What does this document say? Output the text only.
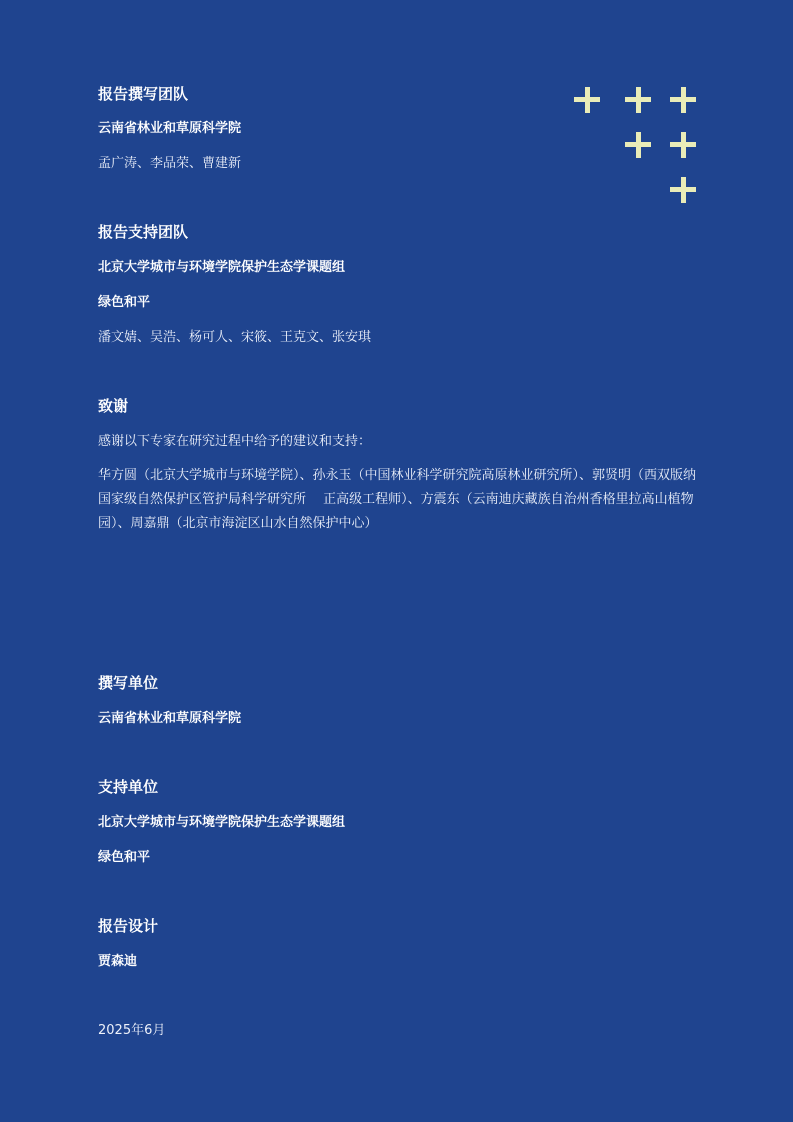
报告撰写团队
云南省林业和草原科学院
孟广涛、李品荣、曹建新
报告支持团队
北京大学城市与环境学院保护生态学课题组
绿色和平
潘文婧、吴浩、杨可人、宋筱、王克文、张安琪
致谢
感谢以下专家在研究过程中给予的建议和支持：
华方圆（北京大学城市与环境学院）、孙永玉（中国林业科学研究院高原林业研究所）、郭贤明（西双版纳国家级自然保护区管护局科学研究所　 正高级工程师）、方震东（云南迪庆藏族自治州香格里拉高山植物园）、周嘉鼎（北京市海淀区山水自然保护中心）
撰写单位
云南省林业和草原科学院
支持单位
北京大学城市与环境学院保护生态学课题组
绿色和平
报告设计
贾森迪
2025年6月
